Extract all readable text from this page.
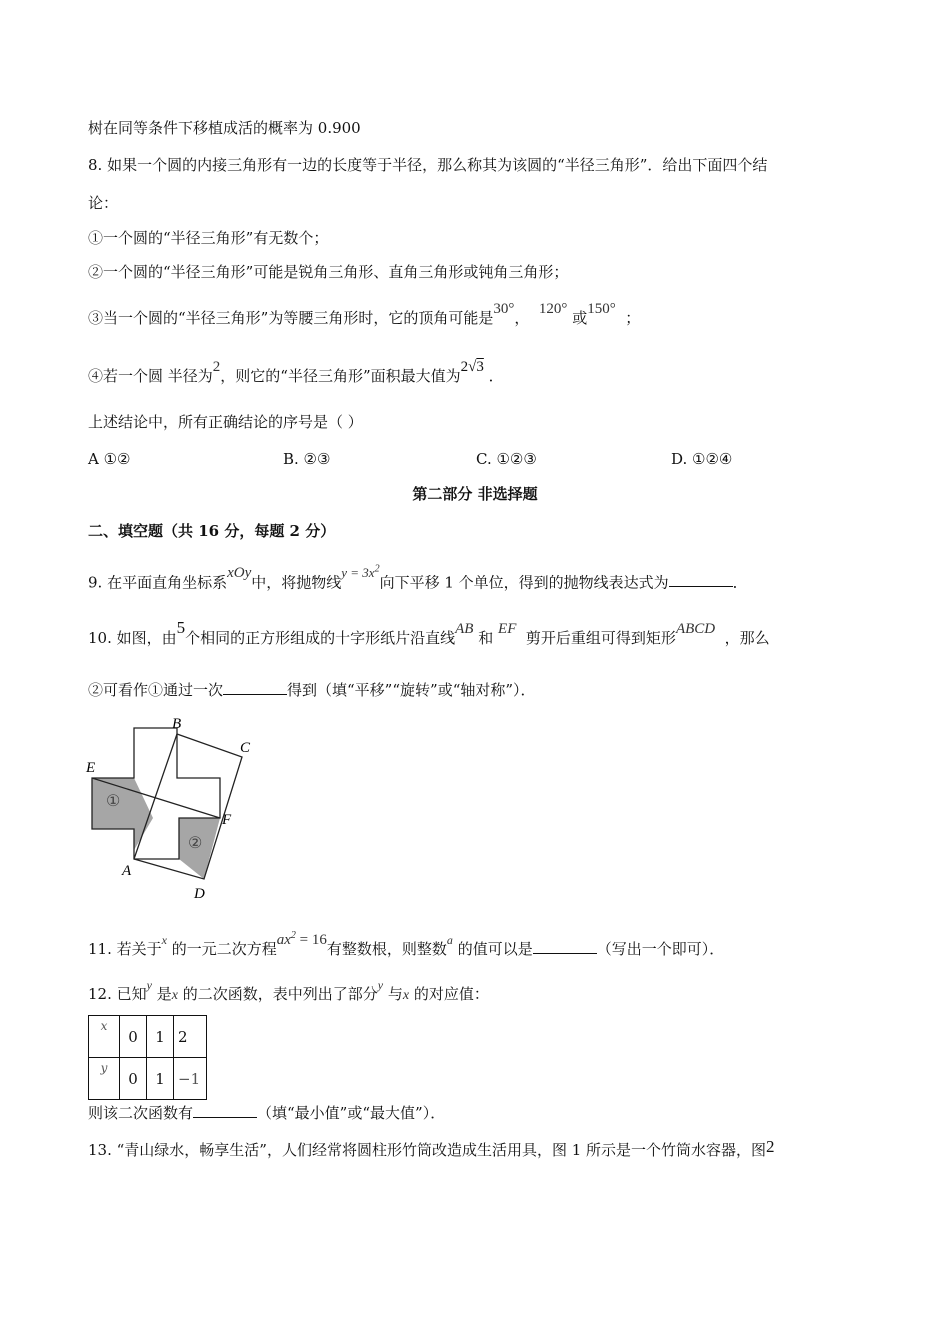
树在同等条件下移植成活的概率为 0.900
8. 如果一个圆的内接三角形有一边的长度等于半径，那么称其为该圆的“半径三角形”．给出下面四个结
论：
①一个圆的“半径三角形”有无数个；
②一个圆的“半径三角形”可能是锐角三角形、直角三角形或钝角三角形；
③当一个圆的“半径三角形”为等腰三角形时，它的顶角可能是30°， 120° 或150° ；
④若一个圆 半径为2，则它的“半径三角形”面积最大值为2√3 ．
上述结论中，所有正确结论的序号是（ ）
A ①②	B. ②③	C. ①②③	D. ①②④
第二部分 非选择题
二、填空题（共 16 分，每题 2 分）
9. 在平面直角坐标系xOy中，将抛物线$y = 3x^2$向下平移 1 个单位，得到的抛物线表达式为	．
10. 如图，由5个相同的正方形组成的十字形纸片沿直线AB 和 EF 剪开后重组可得到矩形ABCD ，那么
②可看作①通过一次	得到（填“平移”“旋转”或“轴对称”）．
B
C
E
F
A
D
①
②
11. 若关于$^x$ 的一元二次方程$ax^2 = 16$有整数根，则整数$^a$ 的值可以是	（写出一个即可）．
12. 已知$^y$ 是x 的二次函数，表中列出了部分$^y$ 与x 的对应值：
x	0	1	2
y	0	1	−1
则该二次函数有	（填“最小值”或“最大值”）．
13. “青山绿水，畅享生活”，人们经常将圆柱形竹筒改造成生活用具，图 1 所示是一个竹筒水容器，图2
